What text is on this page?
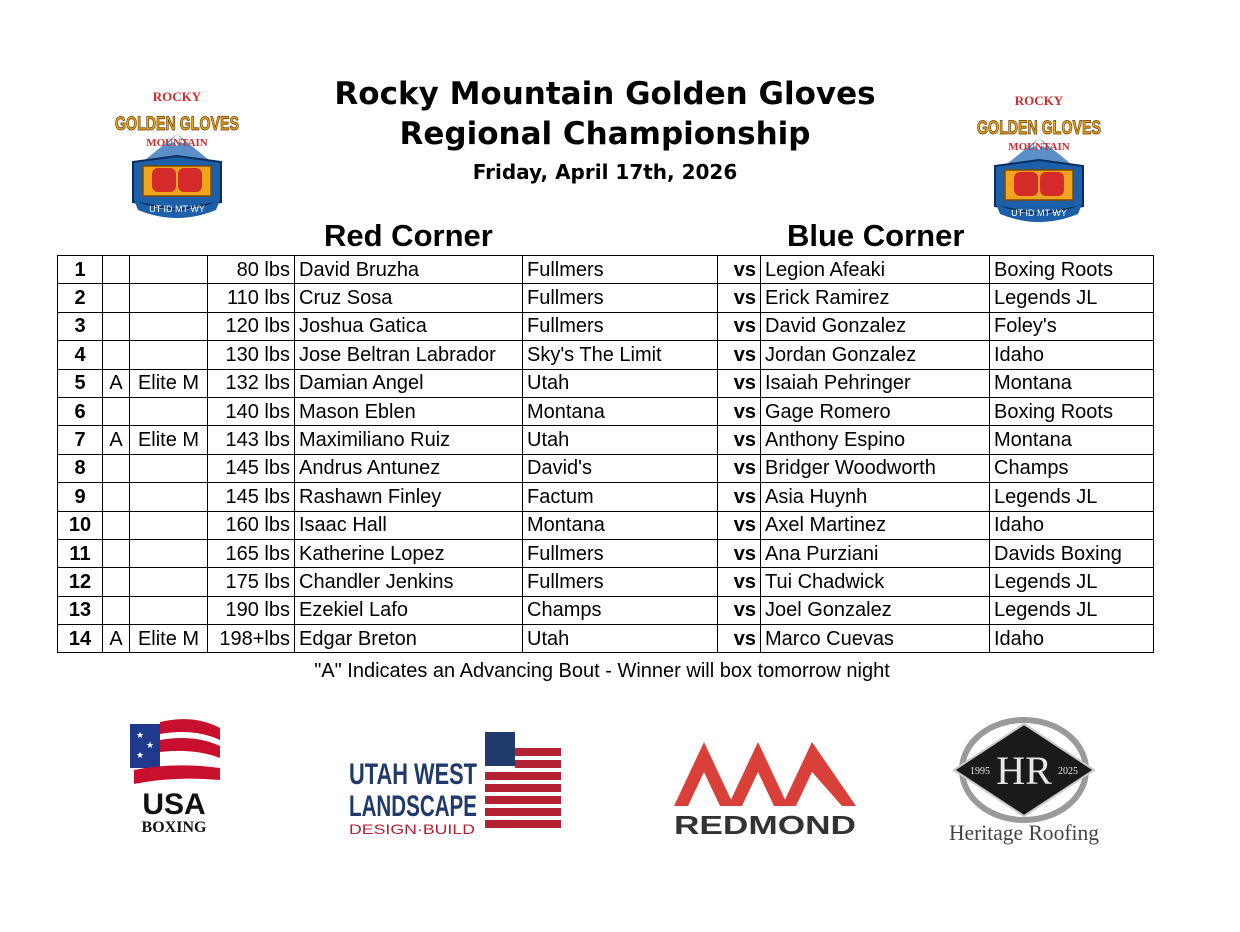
ROCKY
GOLDEN GLOVES
MOUNTAIN
UT ID MT WY
ROCKY
GOLDEN GLOVES
MOUNTAIN
UT ID MT WY
Rocky Mountain Golden Gloves
Regional Championship
Friday, April 17th, 2026
Red Corner	Blue Corner
1			80 lbs	David Bruzha	Fullmers	vs	Legion Afeaki	Boxing Roots
2			110 lbs	Cruz Sosa	Fullmers	vs	Erick Ramirez	Legends JL
3			120 lbs	Joshua Gatica	Fullmers	vs	David Gonzalez	Foley's
4			130 lbs	Jose Beltran Labrador	Sky's The Limit	vs	Jordan Gonzalez	Idaho
5	A	Elite M	132 lbs	Damian Angel	Utah	vs	Isaiah Pehringer	Montana
6			140 lbs	Mason Eblen	Montana	vs	Gage Romero	Boxing Roots
7	A	Elite M	143 lbs	Maximiliano Ruiz	Utah	vs	Anthony Espino	Montana
8			145 lbs	Andrus Antunez	David's	vs	Bridger Woodworth	Champs
9			145 lbs	Rashawn Finley	Factum	vs	Asia Huynh	Legends JL
10			160 lbs	Isaac Hall	Montana	vs	Axel Martinez	Idaho
11			165 lbs	Katherine Lopez	Fullmers	vs	Ana Purziani	Davids Boxing
12			175 lbs	Chandler Jenkins	Fullmers	vs	Tui Chadwick	Legends JL
13			190 lbs	Ezekiel Lafo	Champs	vs	Joel Gonzalez	Legends JL
14	A	Elite M	198+lbs	Edgar Breton	Utah	vs	Marco Cuevas	Idaho
"A" Indicates an Advancing Bout - Winner will box tomorrow night
★
★
★
USA
BOXING
UTAH WEST
LANDSCAPE
DESIGN·BUILD	REDMOND
HR
1995	2025
Heritage Roofing
